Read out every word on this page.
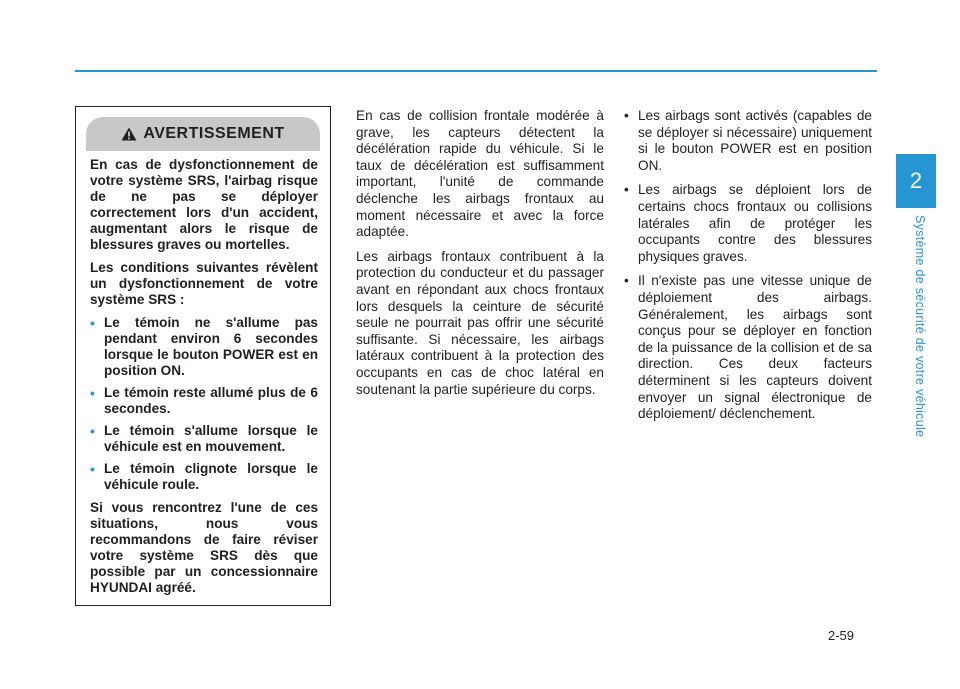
2
Système de sécurité de votre véhicule
AVERTISSEMENT

En cas de dysfonctionnement de votre système SRS, l'airbag risque de ne pas se déployer correctement lors d'un accident, augmentant alors le risque de blessures graves ou mortelles.

Les conditions suivantes révèlent un dysfonctionnement de votre système SRS :

• Le témoin ne s'allume pas pendant environ 6 secondes lorsque le bouton POWER est en position ON.
• Le témoin reste allumé plus de 6 secondes.
• Le témoin s'allume lorsque le véhicule est en mouvement.
• Le témoin clignote lorsque le véhicule roule.

Si vous rencontrez l'une de ces situations, nous vous recommandons de faire réviser votre système SRS dès que possible par un concessionnaire HYUNDAI agréé.

En cas de collision frontale modérée à grave, les capteurs détectent la décélération rapide du véhicule. Si le taux de décélération est suffisamment important, l'unité de commande déclenche les airbags frontaux au moment nécessaire et avec la force adaptée.

Les airbags frontaux contribuent à la protection du conducteur et du passager avant en répondant aux chocs frontaux lors desquels la ceinture de sécurité seule ne pourrait pas offrir une sécurité suffisante. Si nécessaire, les airbags latéraux contribuent à la protection des occupants en cas de choc latéral en soutenant la partie supérieure du corps.

• Les airbags sont activés (capables de se déployer si nécessaire) uniquement si le bouton POWER est en position ON.
• Les airbags se déploient lors de certains chocs frontaux ou collisions latérales afin de protéger les occupants contre des blessures physiques graves.
• Il n'existe pas une vitesse unique de déploiement des airbags. Généralement, les airbags sont conçus pour se déployer en fonction de la puissance de la collision et de sa direction. Ces deux facteurs déterminent si les capteurs doivent envoyer un signal électronique de déploiement/ déclenchement.
2-59
